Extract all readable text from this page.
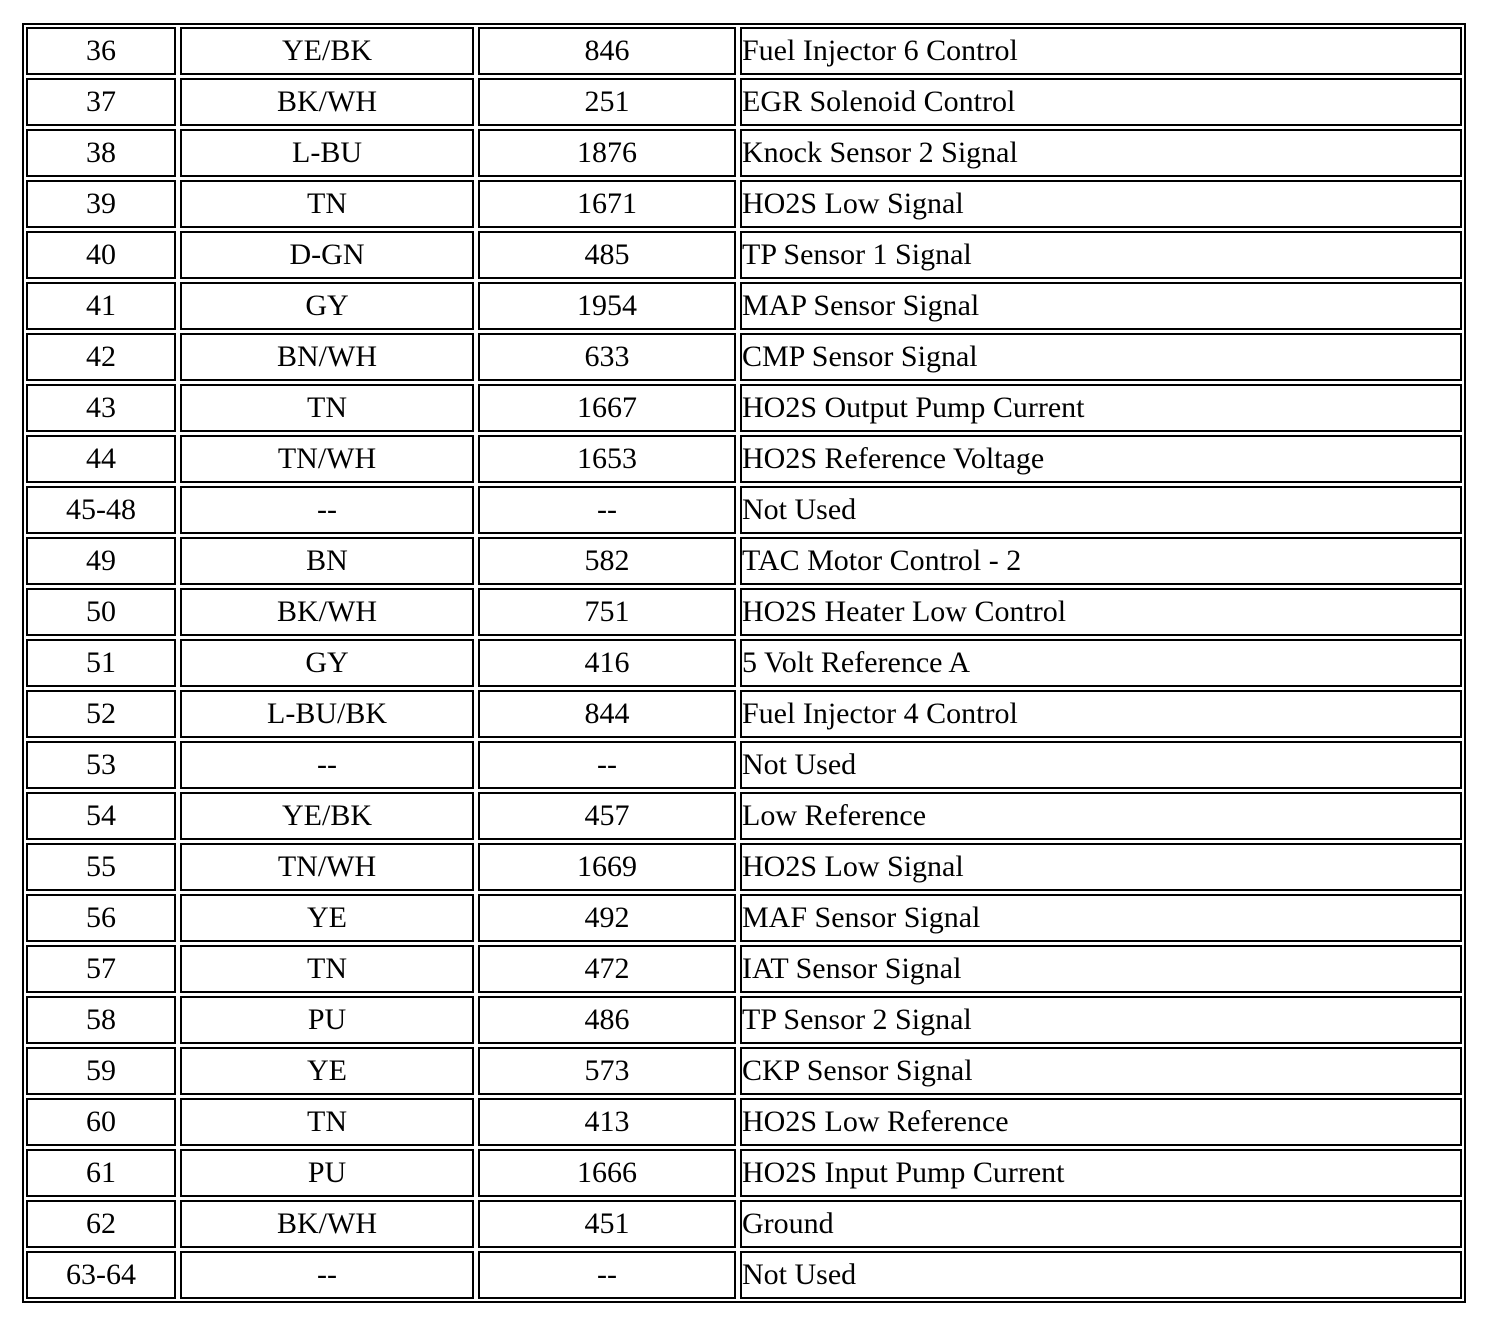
36	YE/BK	846	Fuel Injector 6 Control
37	BK/WH	251	EGR Solenoid Control
38	L-BU	1876	Knock Sensor 2 Signal
39	TN	1671	HO2S Low Signal
40	D-GN	485	TP Sensor 1 Signal
41	GY	1954	MAP Sensor Signal
42	BN/WH	633	CMP Sensor Signal
43	TN	1667	HO2S Output Pump Current
44	TN/WH	1653	HO2S Reference Voltage
45-48	--	--	Not Used
49	BN	582	TAC Motor Control - 2
50	BK/WH	751	HO2S Heater Low Control
51	GY	416	5 Volt Reference A
52	L-BU/BK	844	Fuel Injector 4 Control
53	--	--	Not Used
54	YE/BK	457	Low Reference
55	TN/WH	1669	HO2S Low Signal
56	YE	492	MAF Sensor Signal
57	TN	472	IAT Sensor Signal
58	PU	486	TP Sensor 2 Signal
59	YE	573	CKP Sensor Signal
60	TN	413	HO2S Low Reference
61	PU	1666	HO2S Input Pump Current
62	BK/WH	451	Ground
63-64	--	--	Not Used
